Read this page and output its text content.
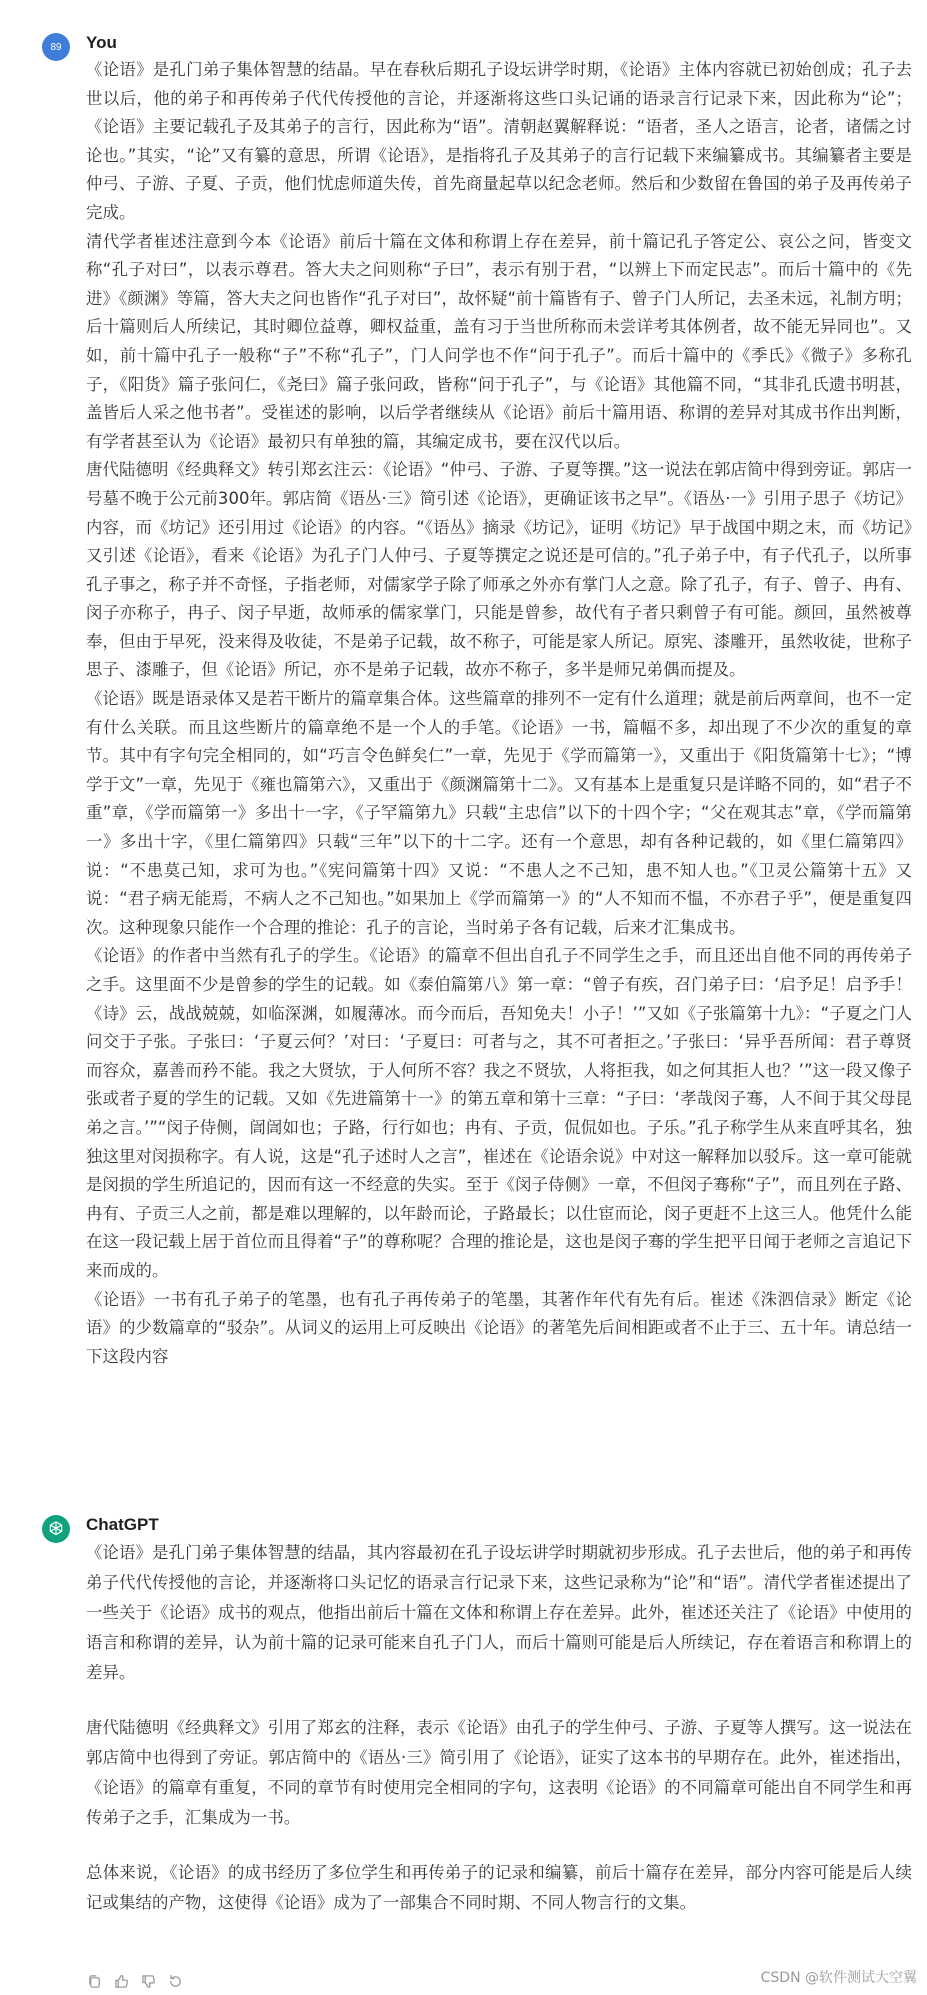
89 You

《论语》是孔门弟子集体智慧的结晶。早在春秋后期孔子设坛讲学时期，《论语》主体内容就已初始创成；孔子去世以后，他的弟子和再传弟子代代传授他的言论，并逐渐将这些口头记诵的语录言行记录下来，因此称为“论”；《论语》主要记载孔子及其弟子的言行，因此称为“语”。清朝赵翼解释说：“语者，圣人之语言，论者，诸儒之讨论也。”其实，“论”又有纂的意思，所谓《论语》，是指将孔子及其弟子的言行记载下来编纂成书。其编纂者主要是仲弓、子游、子夏、子贡，他们忧虑师道失传，首先商量起草以纪念老师。然后和少数留在鲁国的弟子及再传弟子完成。

清代学者崔述注意到今本《论语》前后十篇在文体和称谓上存在差异，前十篇记孔子答定公、哀公之问，皆变文称“孔子对曰”，以表示尊君。答大夫之问则称“子曰”，表示有别于君，“以辨上下而定民志”。而后十篇中的《先进》《颜渊》等篇，答大夫之问也皆作“孔子对曰”，故怀疑“前十篇皆有子、曾子门人所记，去圣未远，礼制方明；后十篇则后人所续记，其时卿位益尊，卿权益重，盖有习于当世所称而未尝详考其体例者，故不能无异同也”。又如，前十篇中孔子一般称“子”不称“孔子”，门人问学也不作“问于孔子”。而后十篇中的《季氏》《微子》多称孔子，《阳货》篇子张问仁，《尧曰》篇子张问政，皆称“问于孔子”，与《论语》其他篇不同，“其非孔氏遗书明甚，盖皆后人采之他书者”。受崔述的影响，以后学者继续从《论语》前后十篇用语、称谓的差异对其成书作出判断，有学者甚至认为《论语》最初只有单独的篇，其编定成书，要在汉代以后。

唐代陆德明《经典释文》转引郑玄注云：《论语》“仲弓、子游、子夏等撰。”这一说法在郭店简中得到旁证。郭店一号墓不晚于公元前300年。郭店简《语丛·三》简引述《论语》，更确证该书之早”。《语丛·一》引用子思子《坊记》内容，而《坊记》还引用过《论语》的内容。“《语丛》摘录《坊记》，证明《坊记》早于战国中期之末，而《坊记》又引述《论语》，看来《论语》为孔子门人仲弓、子夏等撰定之说还是可信的。”孔子弟子中，有子代孔子，以所事孔子事之，称子并不奇怪，子指老师，对儒家学子除了师承之外亦有掌门人之意。除了孔子，有子、曾子、冉有、闵子亦称子，冉子、闵子早逝，故师承的儒家掌门，只能是曾参，故代有子者只剩曾子有可能。颜回，虽然被尊奉，但由于早死，没来得及收徒，不是弟子记载，故不称子，可能是家人所记。原宪、漆雕开，虽然收徒，世称子思子、漆雕子，但《论语》所记，亦不是弟子记载，故亦不称子，多半是师兄弟偶而提及。

《论语》既是语录体又是若干断片的篇章集合体。这些篇章的排列不一定有什么道理；就是前后两章间，也不一定有什么关联。而且这些断片的篇章绝不是一个人的手笔。《论语》一书，篇幅不多，却出现了不少次的重复的章节。其中有字句完全相同的，如“巧言令色鲜矣仁”一章，先见于《学而篇第一》，又重出于《阳货篇第十七》；“博学于文”一章，先见于《雍也篇第六》，又重出于《颜渊篇第十二》。又有基本上是重复只是详略不同的，如“君子不重”章，《学而篇第一》多出十一字，《子罕篇第九》只载“主忠信”以下的十四个字；“父在观其志”章，《学而篇第一》多出十字，《里仁篇第四》只载“三年”以下的十二字。还有一个意思，却有各种记载的，如《里仁篇第四》说：“不患莫己知，求可为也。”《宪问篇第十四》又说：“不患人之不己知，患不知人也。”《卫灵公篇第十五》又说：“君子病无能焉，不病人之不己知也。”如果加上《学而篇第一》的“人不知而不愠，不亦君子乎”，便是重复四次。这种现象只能作一个合理的推论：孔子的言论，当时弟子各有记载，后来才汇集成书。

《论语》的作者中当然有孔子的学生。《论语》的篇章不但出自孔子不同学生之手，而且还出自他不同的再传弟子之手。这里面不少是曾参的学生的记载。如《泰伯篇第八》第一章：“曾子有疾，召门弟子曰：‘启予足！启予手！《诗》云，战战兢兢，如临深渊，如履薄冰。而今而后，吾知免夫！小子！’”又如《子张篇第十九》：“子夏之门人问交于子张。子张曰：‘子夏云何？’对曰：‘子夏曰：可者与之，其不可者拒之。’子张曰：‘异乎吾所闻：君子尊贤而容众，嘉善而矜不能。我之大贤欤，于人何所不容？我之不贤欤，人将拒我，如之何其拒人也？’”这一段又像子张或者子夏的学生的记载。又如《先进篇第十一》的第五章和第十三章：“子曰：‘孝哉闵子骞，人不间于其父母昆弟之言。’”“闵子侍侧，訚訚如也；子路，行行如也；冉有、子贡，侃侃如也。子乐。”孔子称学生从来直呼其名，独独这里对闵损称字。有人说，这是“孔子述时人之言”，崔述在《论语余说》中对这一解释加以驳斥。这一章可能就是闵损的学生所追记的，因而有这一不经意的失实。至于《闵子侍侧》一章，不但闵子骞称“子”，而且列在子路、冉有、子贡三人之前，都是难以理解的，以年龄而论，子路最长；以仕宦而论，闵子更赶不上这三人。他凭什么能在这一段记载上居于首位而且得着“子”的尊称呢？合理的推论是，这也是闵子骞的学生把平日闻于老师之言追记下来而成的。

《论语》一书有孔子弟子的笔墨，也有孔子再传弟子的笔墨，其著作年代有先有后。崔述《洙泗信录》断定《论语》的少数篇章的“驳杂”。从词义的运用上可反映出《论语》的著笔先后间相距或者不止于三、五十年。请总结一下这段内容

ChatGPT

《论语》是孔门弟子集体智慧的结晶，其内容最初在孔子设坛讲学时期就初步形成。孔子去世后，他的弟子和再传弟子代代传授他的言论，并逐渐将口头记忆的语录言行记录下来，这些记录称为“论”和“语”。清代学者崔述提出了一些关于《论语》成书的观点，他指出前后十篇在文体和称谓上存在差异。此外，崔述还关注了《论语》中使用的语言和称谓的差异，认为前十篇的记录可能来自孔子门人，而后十篇则可能是后人所续记，存在着语言和称谓上的差异。

唐代陆德明《经典释文》引用了郑玄的注释，表示《论语》由孔子的学生仲弓、子游、子夏等人撰写。这一说法在郭店简中也得到了旁证。郭店简中的《语丛·三》简引用了《论语》，证实了这本书的早期存在。此外，崔述指出，《论语》的篇章有重复，不同的章节有时使用完全相同的字句，这表明《论语》的不同篇章可能出自不同学生和再传弟子之手，汇集成为一书。

总体来说，《论语》的成书经历了多位学生和再传弟子的记录和编纂，前后十篇存在差异，部分内容可能是后人续记或集结的产物，这使得《论语》成为了一部集合不同时期、不同人物言行的文集。

CSDN @软件测试大空翼
